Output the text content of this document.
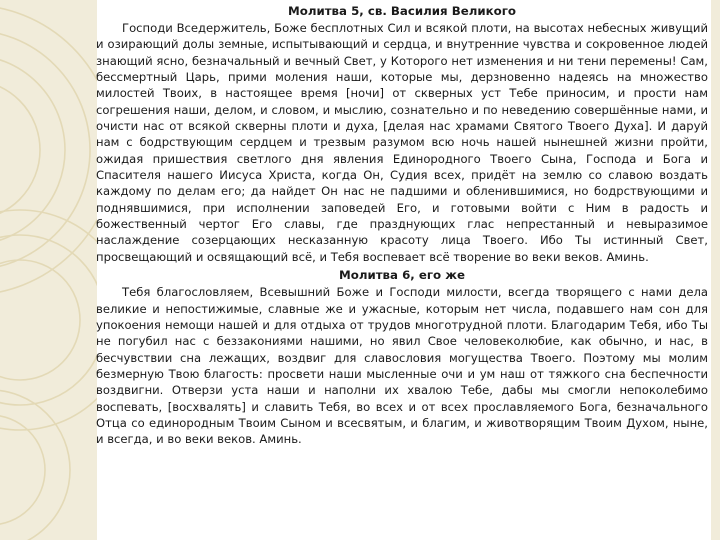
Молитва 5, св. Василия Великого

Господи Вседержитель, Боже бесплотных Сил и всякой плоти, на высотах небесных живущий и озирающий долы земные, испытывающий и сердца, и внутренние чувства и сокровенное людей знающий ясно, безначальный и вечный Свет, у Которого нет изменения и ни тени перемены! Сам, бессмертный Царь, прими моления наши, которые мы, дерзновенно надеясь на множество милостей Твоих, в настоящее время [ночи] от скверных уст Тебе приносим, и прости нам согрешения наши, делом, и словом, и мыслию, сознательно и по неведению совершённые нами, и очисти нас от всякой скверны плоти и духа, [делая нас храмами Святого Твоего Духа]. И даруй нам с бодрствующим сердцем и трезвым разумом всю ночь нашей нынешней жизни пройти, ожидая пришествия светлого дня явления Единородного Твоего Сына, Господа и Бога и Спасителя нашего Иисуса Христа, когда Он, Судия всех, придёт на землю со славою воздать каждому по делам его; да найдет Он нас не падшими и обленившимися, но бодрствующими и поднявшимися, при исполнении заповедей Его, и готовыми войти с Ним в радость и божественный чертог Его славы, где празднующих глас непрестанный и невыразимое наслаждение созерцающих несказанную красоту лица Твоего. Ибо Ты истинный Свет, просвещающий и освящающий всё, и Тебя воспевает всё творение во веки веков. Аминь.

Молитва 6, его же

Тебя благословляем, Всевышний Боже и Господи милости, всегда творящего с нами дела великие и непостижимые, славные же и ужасные, которым нет числа, подавшего нам сон для упокоения немощи нашей и для отдыха от трудов многотрудной плоти. Благодарим Тебя, ибо Ты не погубил нас с беззакониями нашими, но явил Свое человеколюбие, как обычно, и нас, в бесчувствии сна лежащих, воздвиг для славословия могущества Твоего. Поэтому мы молим безмерную Твою благость: просвети наши мысленные очи и ум наш от тяжкого сна беспечности воздвигни. Отверзи уста наши и наполни их хвалою Тебе, дабы мы смогли непоколебимо воспевать, [восхвалять] и славить Тебя, во всех и от всех прославляемого Бога, безначального Отца со единородным Твоим Сыном и всесвятым, и благим, и животворящим Твоим Духом, ныне, и всегда, и во веки веков. Аминь.
